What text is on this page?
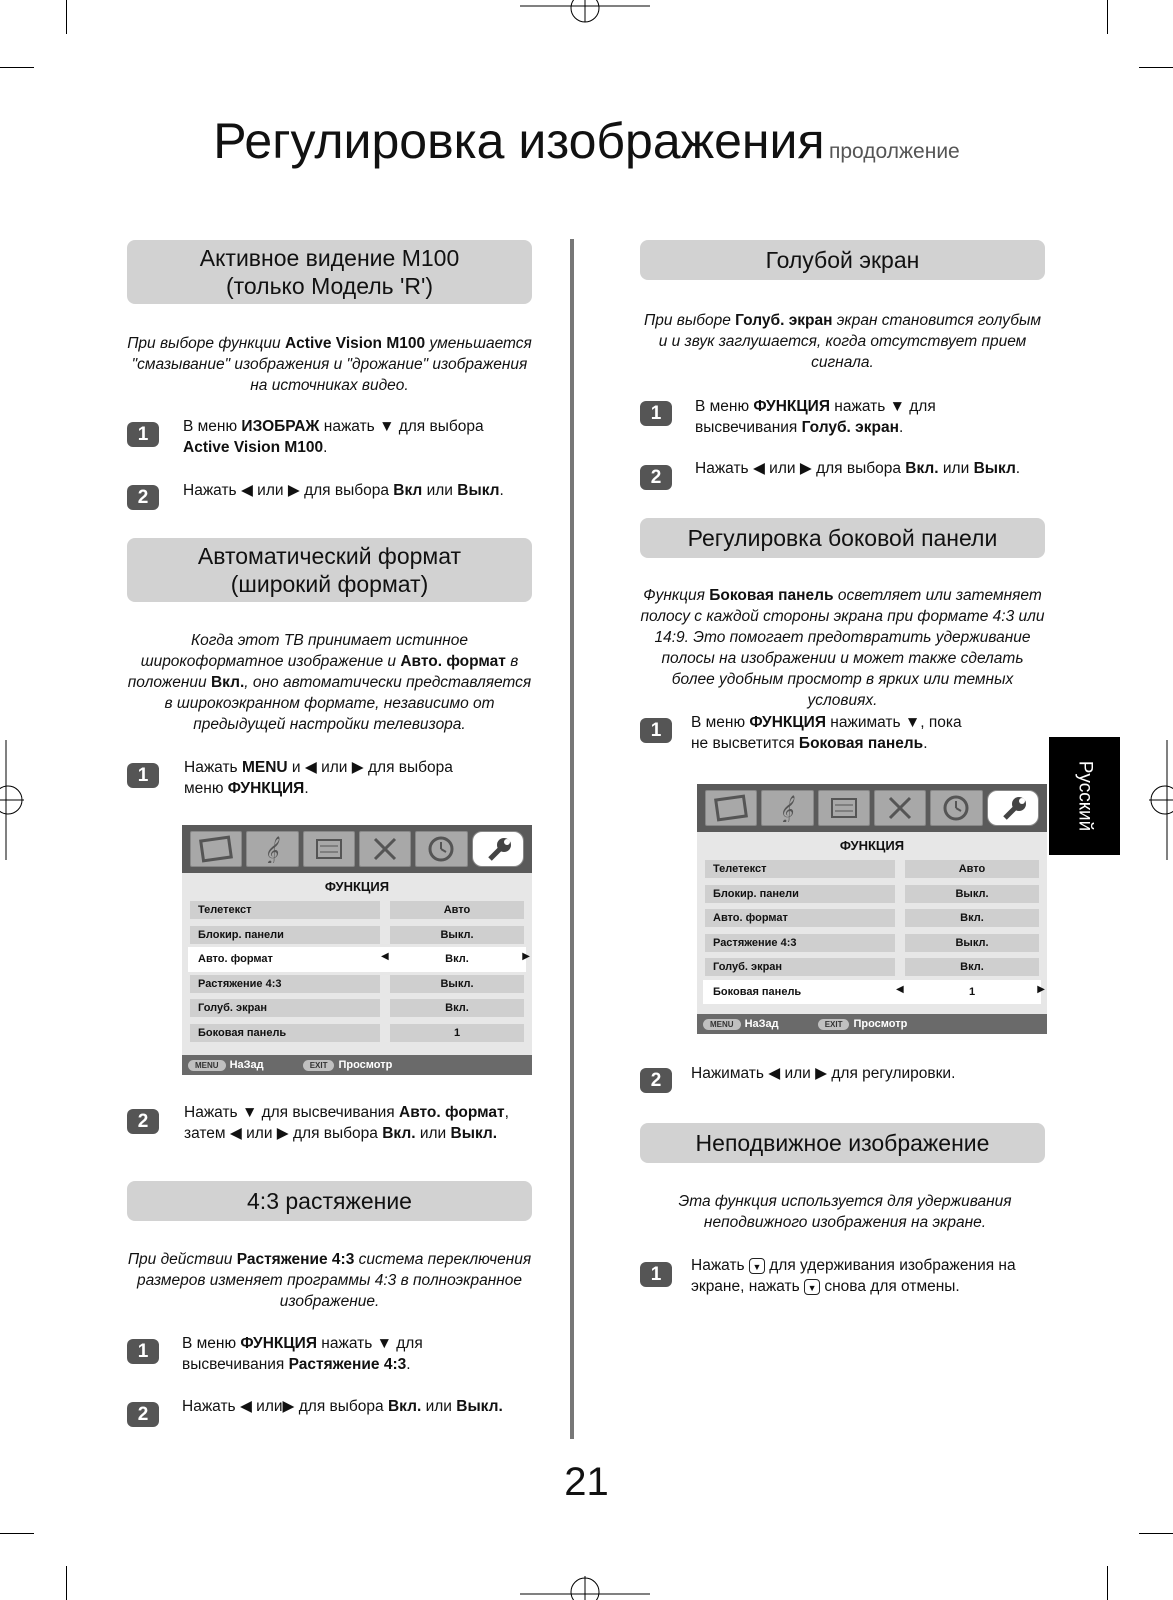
Регулировка изображения продолжение
Активное видение M100
(только Модель 'R')
При выборе функции Active Vision M100 уменьшается "смазывание" изображения и "дрожание" изображения на источниках видео.
1	В меню ИЗОБРАЖ нажать ▼ для выбора
Active Vision M100.
2	Нажать ◀ или ▶ для выбора Вкл или Выкл.
Автоматический формат
(широкий формат)
Когда этот ТВ принимает истинное широкоформатное изображение и Авто. формат в положении Вкл., оно автоматически представляется в широкоэкранном формате, независимо от предыдущей настройки телевизора.
1	Нажать MENU и ◀ или ▶ для выбора
меню ФУНКЦИЯ.
𝄞
ФУНКЦИЯ
Телетекст	Авто
Блокир. панели	Выкл.
Авто. формат	◀	Вкл.	▶
Растяжение 4:3	Выкл.
Голуб. экран	Вкл.
Боковая панель	1
MENU НаЗад	EXIT Просмотр
2	Нажать ▼ для высвечивания Авто. формат,
затем ◀ или ▶ для выбора Вкл. или Выкл.
4:3 растяжение
При действии Растяжение 4:3 система переключения размеров изменяет программы 4:3 в полноэкранное изображение.
1	В меню ФУНКЦИЯ нажать ▼ для
высвечивания Растяжение 4:3.
2	Нажать ◀ или▶ для выбора Вкл. или Выкл.
Голубой экран
При выборе Голуб. экран экран становится голубым и и звук заглушается, когда отсутствует прием сигнала.
1	В меню ФУНКЦИЯ нажать ▼ для
высвечивания Голуб. экран.
2	Нажать ◀ или ▶ для выбора Вкл. или Выкл.
Регулировка боковой панели
Функция Боковая панель осветляет или затемняет полосу с каждой стороны экрана при формате 4:3 или 14:9. Это помогает предотвратить удерживание полосы на изображении и может также сделать более удобным просмотр в ярких или темных условиях.
1	В меню ФУНКЦИЯ нажимать ▼, пока
не высветится Боковая панель.
𝄞
ФУНКЦИЯ
Телетекст	Авто
Блокир. панели	Выкл.
Авто. формат	Вкл.
Растяжение 4:3	Выкл.
Голуб. экран	Вкл.
Боковая панель	◀	1	▶
MENU НаЗад	EXIT Просмотр
2	Нажимать ◀ или ▶ для регулировки.
Неподвижное изображение
Эта функция используется для удерживания неподвижного изображения на экране.
1	Нажать ▼ для удерживания изображения на
экране, нажать ▼ снова для отмены.
Русский
21
